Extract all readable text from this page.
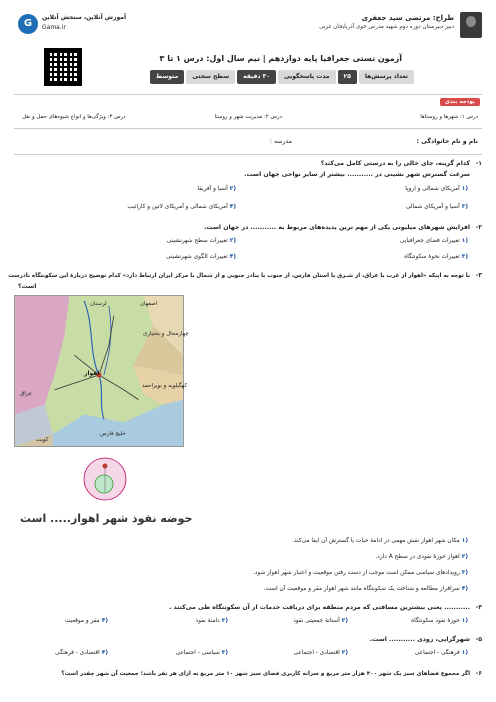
طراح: مرتضی سید جعفری
دبیر دبیرستان دوره دوم شهید مدرس خوی آذربایجان غربی
G
آموزش آنلاین، سنجش آنلاین
Gama.ir
آزمون تستی جغرافیا پایه دوازدهم | نیم سال اول: درس ۱ تا ۳
تعداد پرسش‌ها
۲۵
مدت پاسخگویی
۳۰ دقیقه
سطح سختی
متوسط
بودجه بندی
درس ۱: شهرها و روستاها
درس ۲: مدیریت شهر و روستا
درس ۳: ویژگی‌ها و انواع شیوه‌های حمل و نقل
نام و نام خانوادگی :
مدرسه :
۱-
کدام گزینه، جای خالی را به درستی کامل می‌کند؟
سرعت گسترش شهر نشینی در ........... بیشتر از سایر نواحی جهان است.
(۱ آمریکای شمالی و اروپا
(۲ آسیا و آفریقا
(۳ آسیا و آمریکای شمالی
(۴ آمریکای شمالی و آمریکای لاتین و کارائیب
۲-
افزایش شهرهای میلیونی یکی از مهم ترین پدیده‌های مربوط به ........... در جهان است.
(۱ تغییرات فضای جغرافیایی
(۲ تغییرات سطح شهرنشینی
(۳ تغییرات نحوهٔ سکونتگاه
(۴ تغییرات الگوی شهرنشینی
۳-
با توجه به اینکه «اهواز از غرب با عراق، از شـرق با استان فارس، از جنوب با بنادر جنوبی و از شمال با مرکز ایران ارتباط دارد» کدام توضیح دربارهٔ این سکونتگاه نادرست
است؟
اصفهان
چهارمحال و بختیاری
کهگیلویه و بویراحمد
عراق
خلیج فارس
کویت
اهواز
لرستان
حوضه نفوذ شهر اهواز..... است
(۱ مکان شهر اهواز نقش مهمی در ادامهٔ حیات یا گسترش آن ایفا می‌کند.
(۲ اهواز حوزهٔ نفوذی در سطح A دارد.
(۳ رویدادهای سیاسی ممکن است موجب از دست رفتن موقعیت و اعتبار شهر اهواز شود.
(۴ سرافراز مطالعه و شناخت یک سکونتگاه مانند شهر اهواز مقر و موقعیت آن است.
۴-
........... یعنی بیشترین مسافتی که مردم منطقه برای دریافت خدمات از آن سکونتگاه طی می‌کنند .
(۱ حوزهٔ نفوذ سکونتگاه
(۲ آستانهٔ جمعیتی نفوذ
(۳ دامنهٔ نفوذ
(۴ مقر و موقعیت
۵-
شهرگرایی، رودی ........... است.
(۱ فرهنگی - اجتماعی
(۲ اقتصادی - اجتماعی
(۳ سیاسی - اجتماعی
(۴ اقتصادی - فرهنگی
۶-
اگر مجموع فضاهای سبز یک شهر ۴۰۰ هزار متر مربع و سرانه کاربری فضای سبز شهر ۱۰ متر مربع به ازای هر نفر باشد؛ جمعیت آن شهر چقدر است؟
